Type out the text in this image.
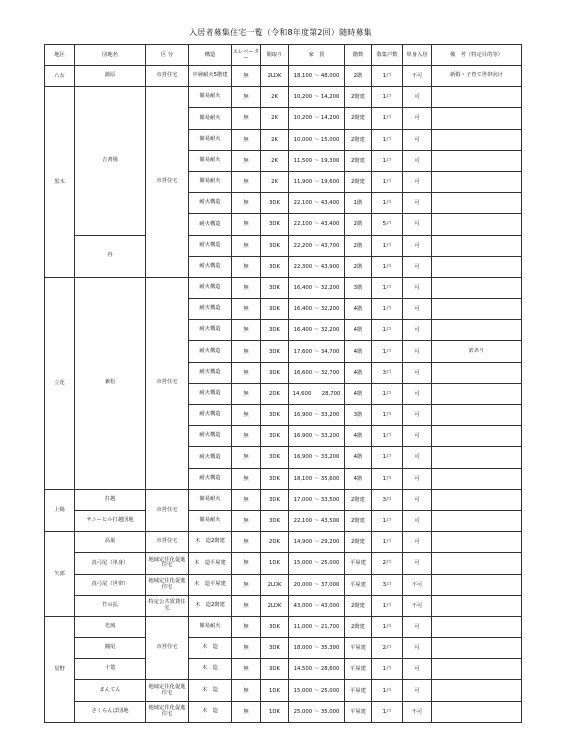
入居者募集住宅一覧（令和8年度第2回）随時募集
地区	団地名	区 分	構造	エレベーター	間取り	家　賃	階数	募集戸数	単身入居	備　考（特定目的等）
八女	蒲原	市営住宅	中層耐火5階建	無	2LDK	18,100 ～ 48,000	2階	1戸	不可	新婚・子育て世帯向け
黒木	吉書場	市営住宅	簡易耐火	無	2K	10,200 ～ 14,200	2階建	1戸	可	
			簡易耐火	無	2K	10,200 ～ 14,200	2階建	1戸	可	
			簡易耐火	無	2K	10,000 ～ 15,000	2階建	1戸	可	
			簡易耐火	無	2K	11,500 ～ 19,300	2階建	1戸	可	
			簡易耐火	無	2K	11,900 ～ 19,600	2階建	1戸	可	
			耐火構造	無	3DK	22,100 ～ 43,400	1階	1戸	可	
			耐火構造	無	3DK	22,100 ～ 43,400	2階	5戸	可	
	谷		耐火構造	無	3DK	22,200 ～ 43,700	2階	1戸	可	
			耐火構造	無	3DK	22,300 ～ 43,900	2階	1戸	可	
立花	兼松	市営住宅	耐火構造	無	3DK	16,400 ～ 32,200	3階	1戸	可	
			耐火構造	無	3DK	16,400 ～ 32,200	4階	1戸	可	
			耐火構造	無	3DK	16,400 ～ 32,200	4階	1戸	可	
			耐火構造	無	3DK	17,600 ～ 34,700	4階	1戸	可	訳あり
			耐火構造	無	3DK	16,600 ～ 32,700	4階	3戸	可	
			耐火構造	無	2DK	14,600　　28,700	4階	1戸	可	
			耐火構造	無	3DK	16,900 ～ 33,200	3階	1戸	可	
			耐火構造	無	3DK	16,900 ～ 33,200	4階	1戸	可	
			耐火構造	無	3DK	16,900 ～ 33,200	4階	1戸	可	
			耐火構造	無	3DK	18,100 ～ 35,600	4階	1戸	可	
上陽	打越	市営住宅	簡易耐火	無	3DK	17,000 ～ 33,500	2階建	3戸	可	
	サニーヒル打越団地		簡易耐火	無	3DK	22,100 ～ 43,500	2階建	1戸	可	
矢部	高巣	市営住宅	木　造2階建	無	2DK	14,900 ～ 29,200	2階建	1戸	可	
	真弓尾（単身）	地域定住化促進住宅	木　造平屋建	無	1DK	15,000 ～ 25,000	平屋建	2戸	可	
	真弓尾（世帯）	地域定住化促進住宅	木　造平屋建	無	2LDK	20,000 ～ 37,000	平屋建	3戸	不可	
	竹の払	特定公共賃貸住宅	木　造2階建	無	2LDK	43,000 ～ 43,000	2階建	1戸	不可	
星野	光琉	市営住宅	簡易耐火	無	3DK	11,000 ～ 21,700	2階建	1戸	可	
	鐘尾		木　造	無	3DK	18,000 ～ 35,300	平屋建	2戸	可	
	十篭		木　造	無	3DK	14,500 ～ 28,600	平屋建	1戸	可	
	まんてん	地域定住化促進住宅	木　造	無	1DK	15,000 ～ 25,000	平屋建	1戸	可	
	さくらんぼ団地	地域定住化促進住宅	木　造	無	1DK	25,000 ～ 35,000	平屋建	1戸	不可	
